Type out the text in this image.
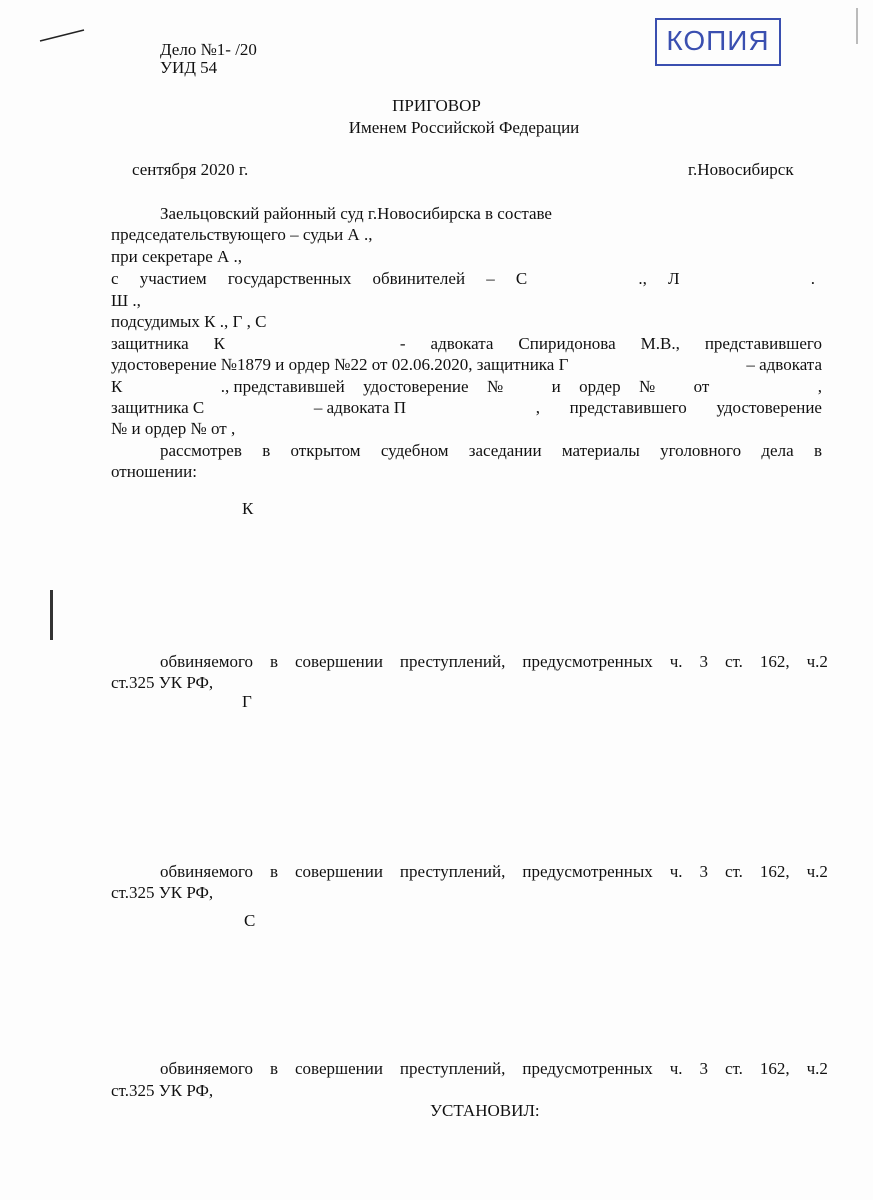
КОПИЯ
Дело №1- /20
УИД 54
ПРИГОВОР
Именем Российской Федерации
сентября 2020 г.	г.Новосибирск
Заельцовский районный суд г.Новосибирска в составе
председательствующего – судьи А .,
при секретаре А .,
с участием государственных обвинителей – С	., Л	.
Ш .,
подсудимых К ., Г , С
защитника К	- адвоката Спиридонова М.В., представившего
удостоверение №1879 и ордер №22 от 02.06.2020, защитника Г	– адвоката
К	., представившей удостоверение №	и ордер № от	,
защитника С	– адвоката П	, представившего удостоверение
№ и ордер № от ,
рассмотрев в открытом судебном заседании материалы уголовного дела в
отношении:
К
обвиняемого в совершении преступлений, предусмотренных ч. 3 ст. 162, ч.2
ст.325 УК РФ,
Г
обвиняемого в совершении преступлений, предусмотренных ч. 3 ст. 162, ч.2
ст.325 УК РФ,
С
обвиняемого в совершении преступлений, предусмотренных ч. 3 ст. 162, ч.2
ст.325 УК РФ,
УСТАНОВИЛ:
